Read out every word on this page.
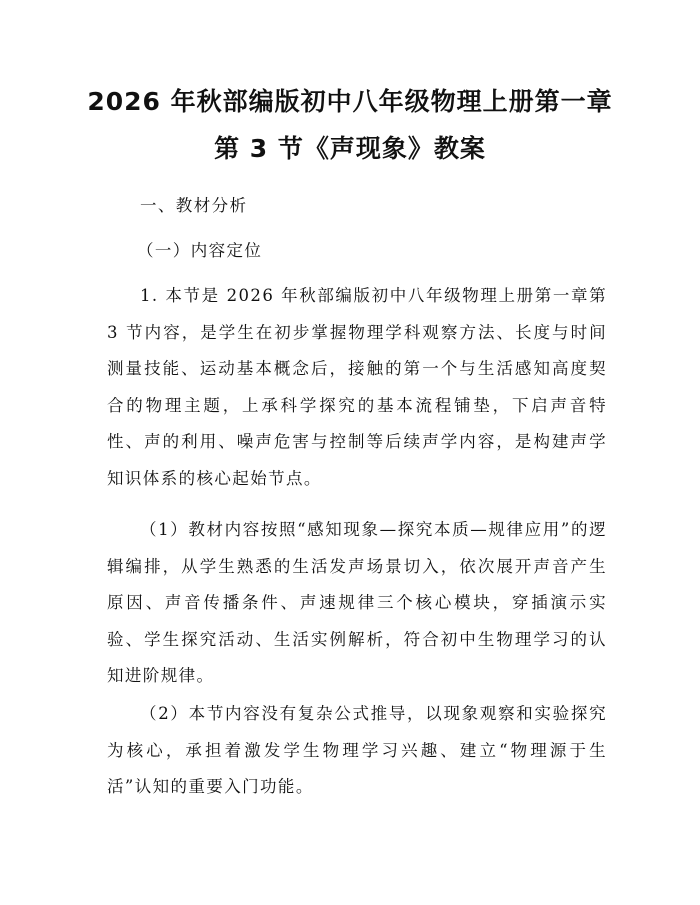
2026 年秋部编版初中八年级物理上册第一章
第 3 节《声现象》教案
一、教材分析
（一）内容定位
1. 本节是 2026 年秋部编版初中八年级物理上册第一章第 3 节内容，是学生在初步掌握物理学科观察方法、长度与时间测量技能、运动基本概念后，接触的第一个与生活感知高度契合的物理主题，上承科学探究的基本流程铺垫，下启声音特性、声的利用、噪声危害与控制等后续声学内容，是构建声学知识体系的核心起始节点。
（1）教材内容按照“感知现象—探究本质—规律应用”的逻辑编排，从学生熟悉的生活发声场景切入，依次展开声音产生原因、声音传播条件、声速规律三个核心模块，穿插演示实验、学生探究活动、生活实例解析，符合初中生物理学习的认知进阶规律。
（2）本节内容没有复杂公式推导，以现象观察和实验探究为核心，承担着激发学生物理学习兴趣、建立“物理源于生活”认知的重要入门功能。
